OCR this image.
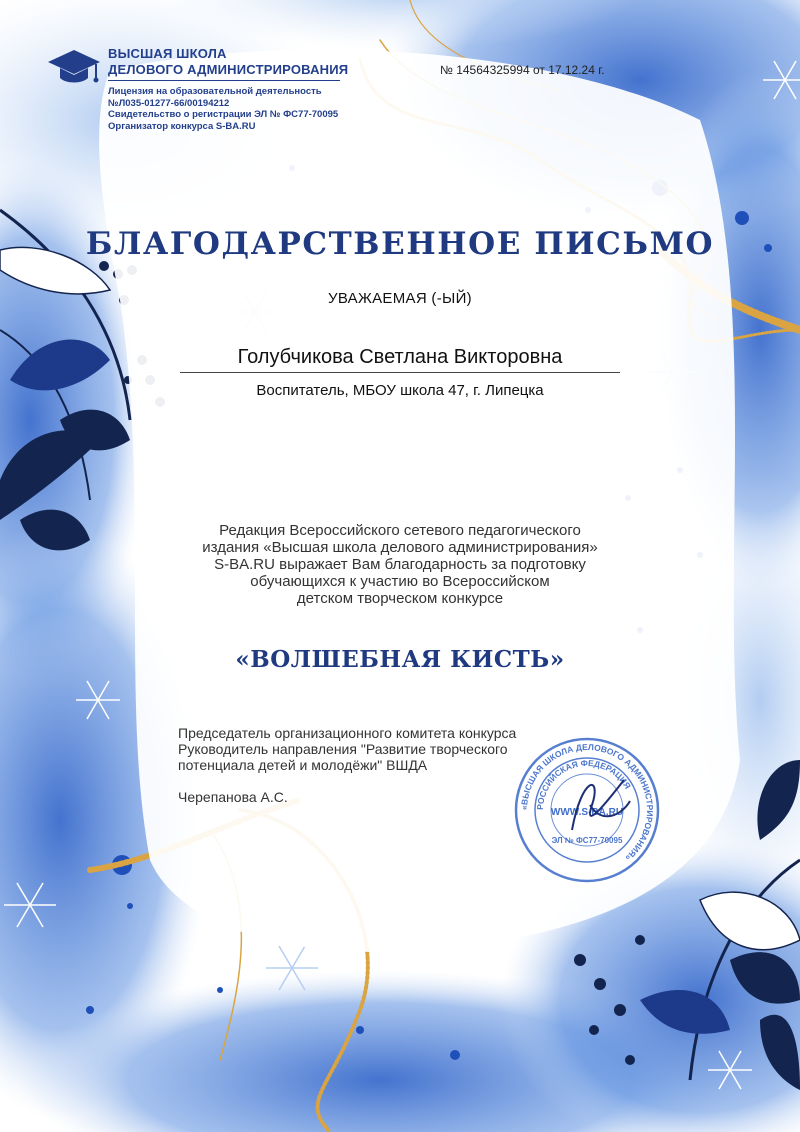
ВЫСШАЯ ШКОЛА
ДЕЛОВОГО АДМИНИСТРИРОВАНИЯ
Лицензия на образовательной деятельность
№Л035-01277-66/00194212
Свидетельство о регистрации ЭЛ № ФС77-70095
Организатор конкурса S-BA.RU
№ 14564325994 от 17.12.24 г.
БЛАГОДАРСТВЕННОЕ ПИСЬМО
УВАЖАЕМАЯ (-ЫЙ)
Голубчикова Светлана Викторовна
Воспитатель, МБОУ школа 47, г. Липецка
Редакция Всероссийского сетевого педагогического
издания «Высшая школа делового администрирования»
S-BA.RU выражает Вам благодарность за подготовку
обучающихся к участию во Всероссийском
детском творческом конкурсе
«ВОЛШЕБНАЯ КИСТЬ»
«ВЫСШАЯ ШКОЛА ДЕЛОВОГО АДМИНИСТРИРОВАНИЯ»
РОССИЙСКАЯ ФЕДЕРАЦИЯ
WWW.S-BA.RU
ЭЛ № ФС77-70095
Председатель организационного комитета конкурса
Руководитель направления "Развитие творческого
потенциала детей и молодёжи" ВШДА
Черепанова А.С.
